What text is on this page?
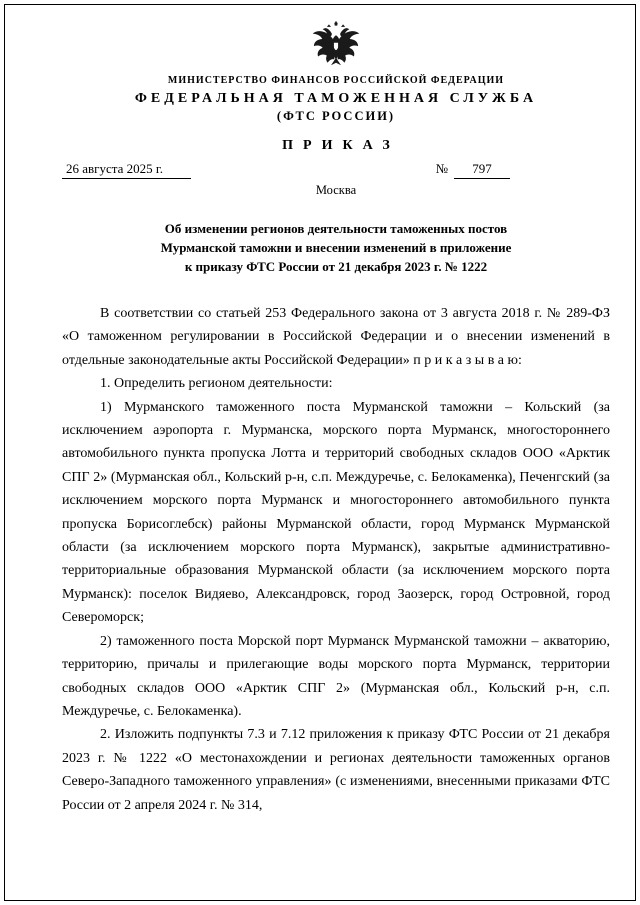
МИНИСТЕРСТВО ФИНАНСОВ РОССИЙСКОЙ ФЕДЕРАЦИИ
ФЕДЕРАЛЬНАЯ ТАМОЖЕННАЯ СЛУЖБА
(ФТС РОССИИ)
ПРИКАЗ
26 августа 2025 г.	№ 797
Москва
Об изменении регионов деятельности таможенных постов
Мурманской таможни и внесении изменений в приложение
к приказу ФТС России от 21 декабря 2023 г. № 1222

В соответствии со статьей 253 Федерального закона от 3 августа 2018 г. № 289-ФЗ «О таможенном регулировании в Российской Федерации и о внесении изменений в отдельные законодательные акты Российской Федерации» п р и к а з ы в а ю:

1. Определить регионом деятельности:

1) Мурманского таможенного поста Мурманской таможни – Кольский (за исключением аэропорта г. Мурманска, морского порта Мурманск, многостороннего автомобильного пункта пропуска Лотта и территорий свободных складов ООО «Арктик СПГ 2» (Мурманская обл., Кольский р-н, с.п. Междуречье, с. Белокаменка), Печенгский (за исключением морского порта Мурманск и многостороннего автомобильного пункта пропуска Борисоглебск) районы Мурманской области, город Мурманск Мурманской области (за исключением морского порта Мурманск), закрытые административно-территориальные образования Мурманской области (за исключением морского порта Мурманск): поселок Видяево, Александровск, город Заозерск, город Островной, город Североморск;

2) таможенного поста Морской порт Мурманск Мурманской таможни – акваторию, территорию, причалы и прилегающие воды морского порта Мурманск, территории свободных складов ООО «Арктик СПГ 2» (Мурманская обл., Кольский р-н, с.п. Междуречье, с. Белокаменка).

2. Изложить подпункты 7.3 и 7.12 приложения к приказу ФТС России от 21 декабря 2023 г. № 1222 «О местонахождении и регионах деятельности таможенных органов Северо-Западного таможенного управления» (с изменениями, внесенными приказами ФТС России от 2 апреля 2024 г. № 314,
